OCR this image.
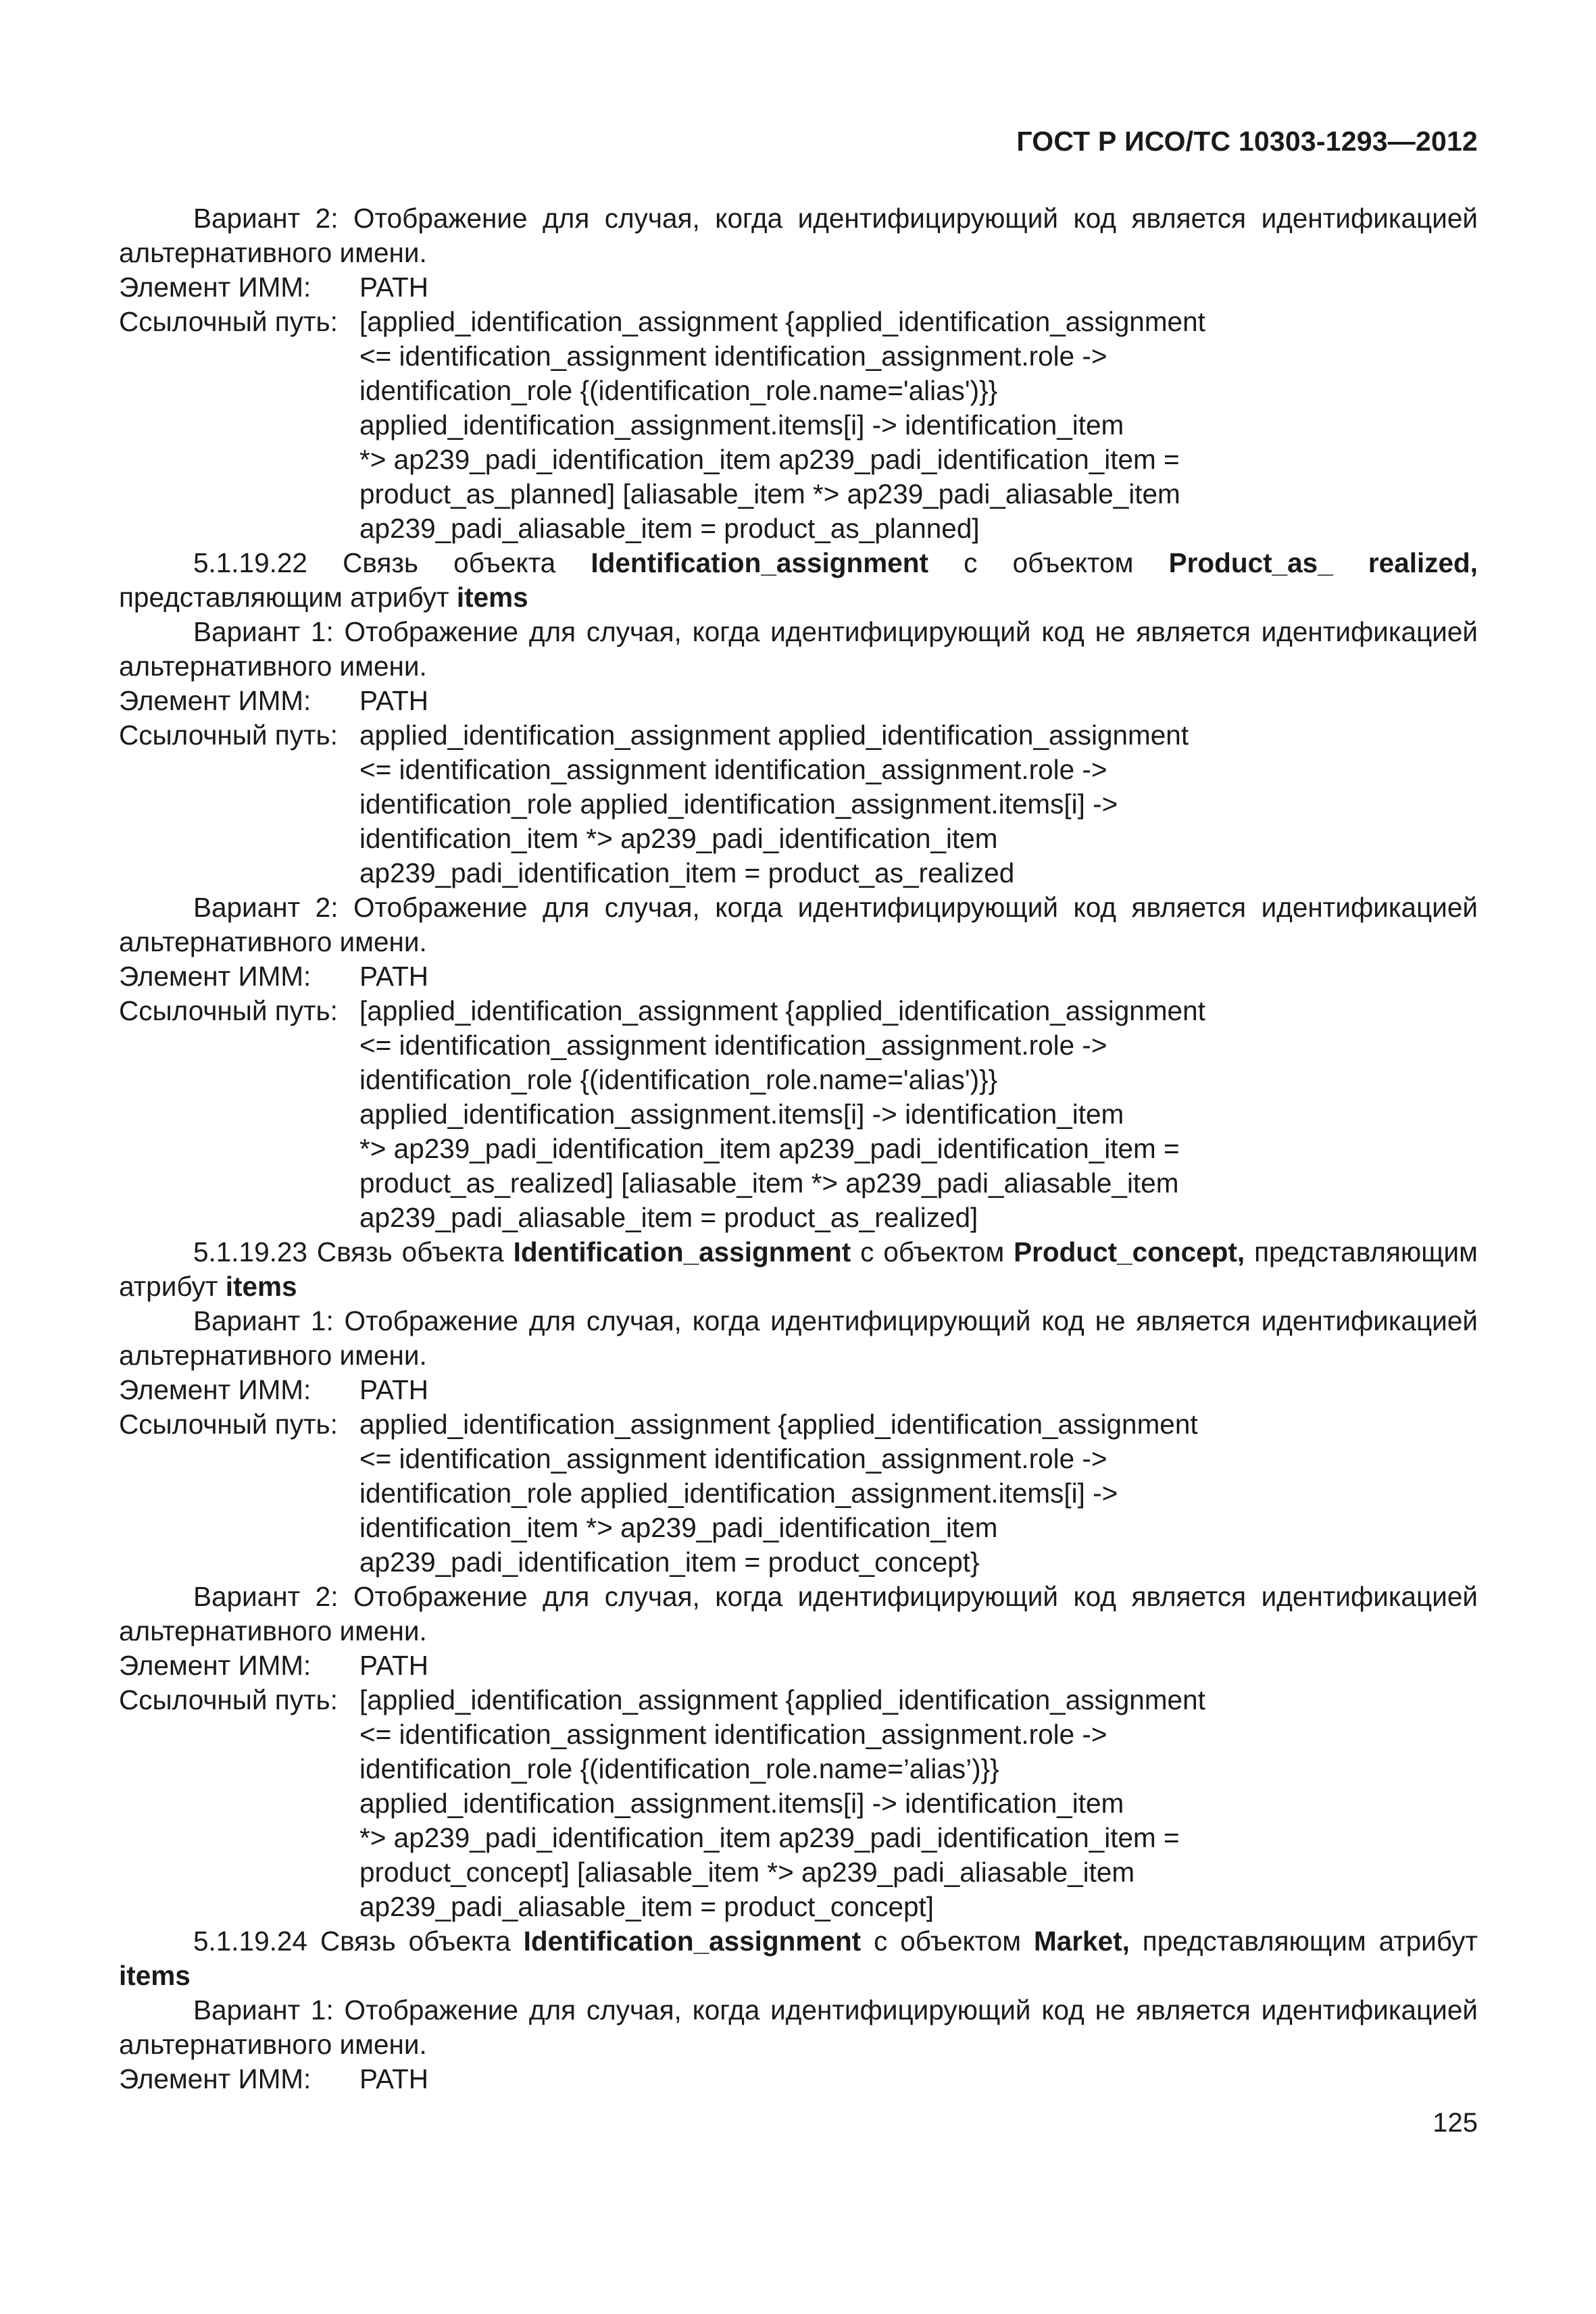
ГОСТ Р ИСО/ТС 10303-1293—2012

Вариант 2: Отображение для случая, когда идентифицирующий код является идентификацией альтернативного имени.

Элемент ИММ:	PATH
Ссылочный путь: [applied_identification_assignment {applied_identification_assignment
<= identification_assignment identification_assignment.role ->
identification_role {(identification_role.name='alias')}}
applied_identification_assignment.items[i] -> identification_item
*> ap239_padi_identification_item ap239_padi_identification_item =
product_as_planned] [aliasable_item *> ap239_padi_aliasable_item
ap239_padi_aliasable_item = product_as_planned]

5.1.19.22 Связь объекта Identification_assignment с объектом Product_as_ realized, представляющим атрибут items

Вариант 1: Отображение для случая, когда идентифицирующий код не является идентификацией альтернативного имени.

Элемент ИММ:	PATH
Ссылочный путь: applied_identification_assignment applied_identification_assignment
<= identification_assignment identification_assignment.role ->
identification_role applied_identification_assignment.items[i] ->
identification_item *> ap239_padi_identification_item
ap239_padi_identification_item = product_as_realized

Вариант 2: Отображение для случая, когда идентифицирующий код является идентификацией альтернативного имени.

Элемент ИММ:	PATH
Ссылочный путь: [applied_identification_assignment {applied_identification_assignment
<= identification_assignment identification_assignment.role ->
identification_role {(identification_role.name='alias')}}
applied_identification_assignment.items[i] -> identification_item
*> ap239_padi_identification_item ap239_padi_identification_item =
product_as_realized] [aliasable_item *> ap239_padi_aliasable_item
ap239_padi_aliasable_item = product_as_realized]

5.1.19.23 Связь объекта Identification_assignment с объектом Product_concept, представляющим атрибут items

Вариант 1: Отображение для случая, когда идентифицирующий код не является идентификацией альтернативного имени.

Элемент ИММ:	PATH
Ссылочный путь: applied_identification_assignment {applied_identification_assignment
<= identification_assignment identification_assignment.role ->
identification_role applied_identification_assignment.items[i] ->
identification_item *> ap239_padi_identification_item
ap239_padi_identification_item = product_concept}

Вариант 2: Отображение для случая, когда идентифицирующий код является идентификацией альтернативного имени.

Элемент ИММ:	PATH
Ссылочный путь: [applied_identification_assignment {applied_identification_assignment
<= identification_assignment identification_assignment.role ->
identification_role {(identification_role.name=’alias’)}}
applied_identification_assignment.items[i] -> identification_item
*> ap239_padi_identification_item ap239_padi_identification_item =
product_concept] [aliasable_item *> ap239_padi_aliasable_item
ap239_padi_aliasable_item = product_concept]

5.1.19.24 Связь объекта Identification_assignment с объектом Market, представляющим атрибут items

Вариант 1: Отображение для случая, когда идентифицирующий код не является идентификацией альтернативного имени.

Элемент ИММ:	PATH
125
